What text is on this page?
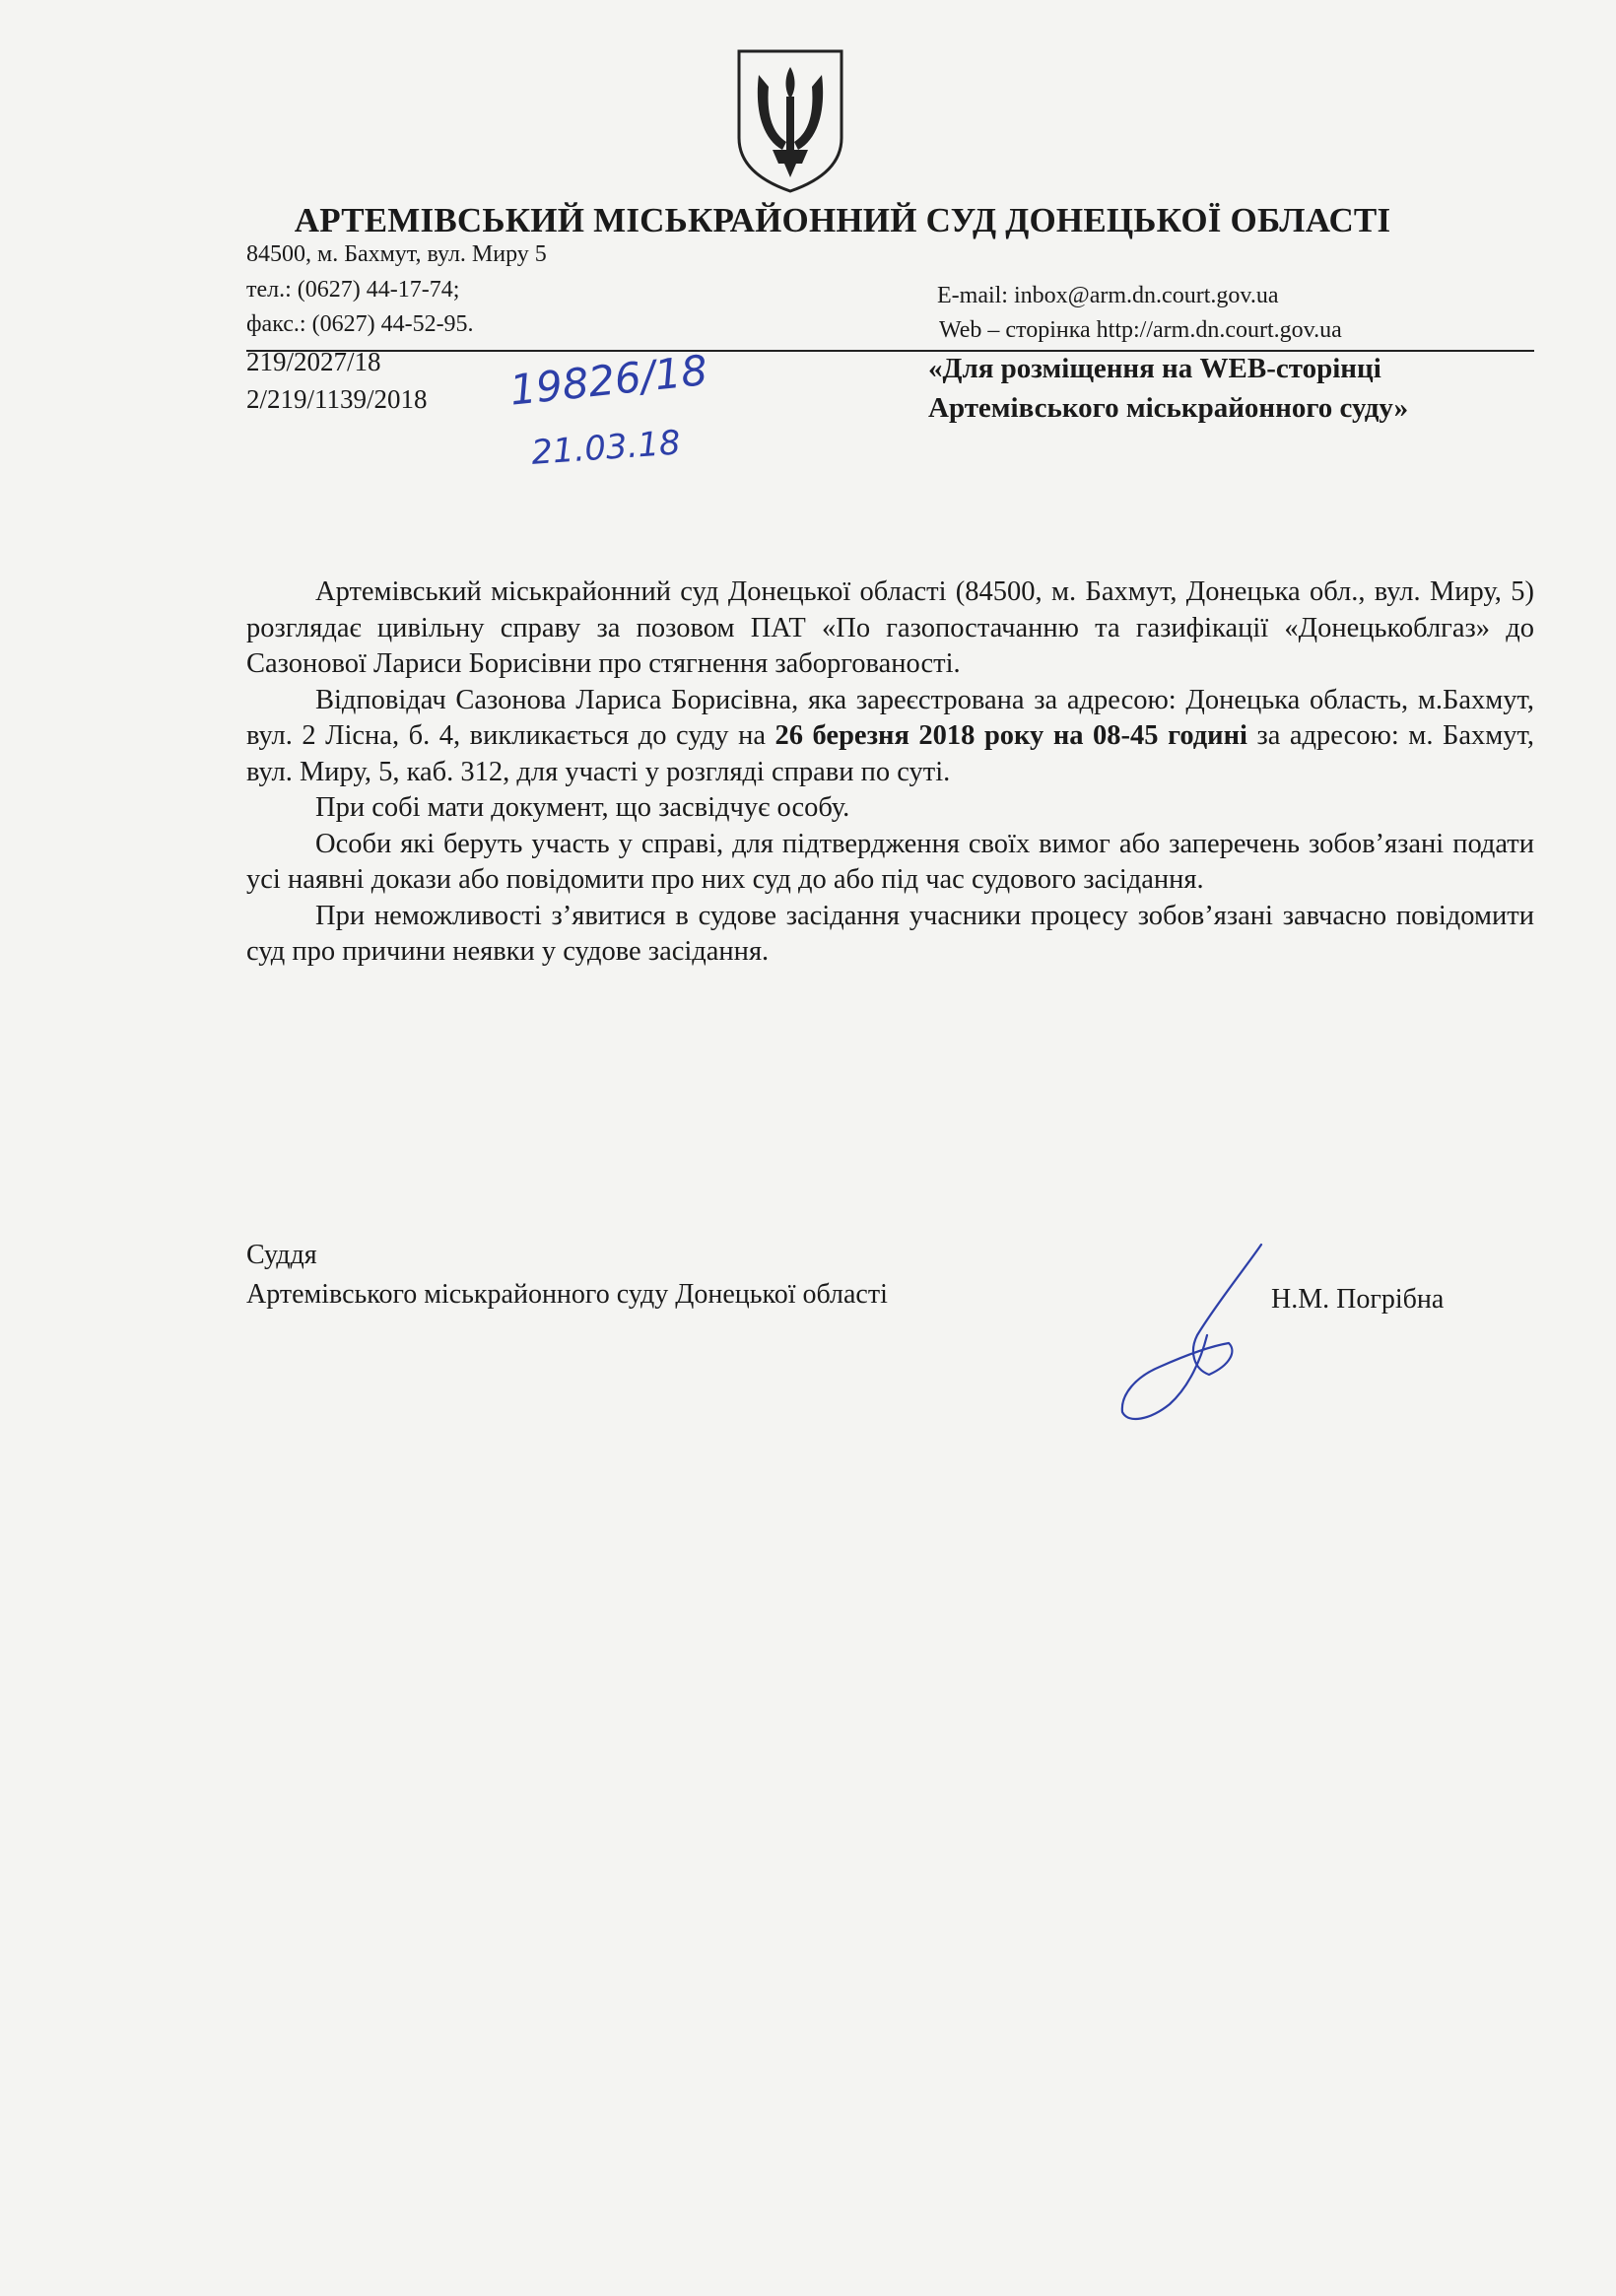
АРТЕМІВСЬКИЙ МІСЬКРАЙОННИЙ СУД ДОНЕЦЬКОЇ ОБЛАСТІ
84500, м. Бахмут, вул. Миру 5
тел.: (0627) 44-17-74;
факс.: (0627) 44-52-95.
E-mail: inbox@arm.dn.court.gov.ua
Web – сторінка http://arm.dn.court.gov.ua
219/2027/18
2/219/1139/2018 19826/18
21.03.18
«Для розміщення на WEB-сторінці
Артемівського міськрайонного суду»

Артемівський міськрайонний суд Донецької області (84500, м. Бахмут, Донецька обл., вул. Миру, 5) розглядає цивільну справу за позовом ПАТ «По газопостачанню та газифікації «Донецькоблгаз» до Сазонової Лариси Борисівни про стягнення заборгованості.

Відповідач Сазонова Лариса Борисівна, яка зареєстрована за адресою: Донецька область, м.Бахмут, вул. 2 Лісна, б. 4, викликається до суду на 26 березня 2018 року на 08-45 годині за адресою: м. Бахмут, вул. Миру, 5, каб. 312, для участі у розгляді справи по суті.

При собі мати документ, що засвідчує особу.

Особи які беруть участь у справі, для підтвердження своїх вимог або заперечень зобов’язані подати усі наявні докази або повідомити про них суд до або під час судового засідання.

При неможливості з’явитися в судове засідання учасники процесу зобов’язані завчасно повідомити суд про причини неявки у судове засідання.

Суддя
Артемівського міськрайонного суду Донецької області	Н.М. Погрібна
